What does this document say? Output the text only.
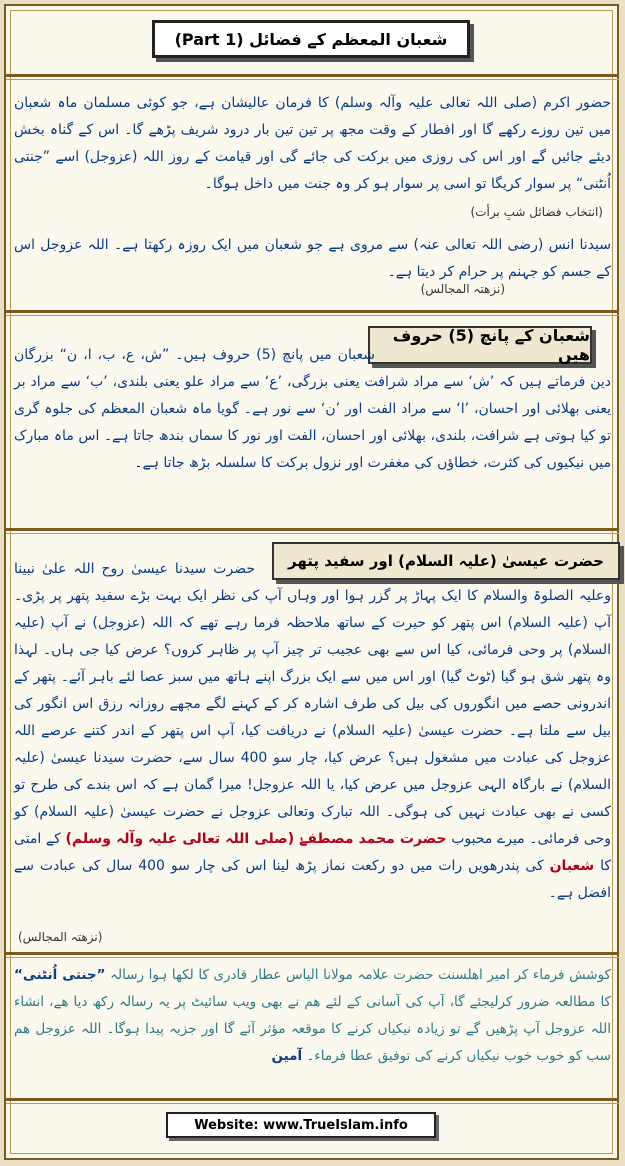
شعبان المعظم کے فضائل (Part 1)
حضور اکرم (صلی اللہ تعالی علیہ وآلہ وسلم) کا فرمان عالیشان ہے، جو کوئی مسلمان ماہ شعبان میں تین روزے رکھے گا اور افطار کے وقت مجھ پر تین تین بار درود شریف پڑھے گا۔ اس کے گناہ بخش دیئے جائیں گے اور اس کی روزی میں برکت کی جائے گی اور قیامت کے روز اللہ (عزوجل) اسے ”جنتی اُنٹنی“ پر سوار کریگا تو اسی پر سوار ہو کر وہ جنت میں داخل ہوگا۔
(انتخاب فضائل شبِ برأت)
سیدنا انس (رضی اللہ تعالی عنہ) سے مروی ہے جو شعبان میں ایک روزہ رکھتا ہے۔ اللہ عزوجل اس کے جسم کو جہنم پر حرام کر دیتا ہے۔
(نزھتہ المجالس)
شعبان کے پانچ (5) حروف ھیں
شعبان میں پانچ (5) حروف ہیں۔ ”ش، ع، ب، ا، ن“ بزرگان دین فرماتے ہیں کہ ’ش‘ سے مراد شرافت یعنی بزرگی، ’ع‘ سے مراد علو یعنی بلندی، ’ب‘ سے مراد بر یعنی بھلائی اور احسان، ’ا‘ سے مراد الفت اور ’ن‘ سے نور ہے۔ گویا ماہ شعبان المعظم کی جلوہ گری تو کیا ہوتی ہے شرافت، بلندی، بھلائی اور احسان، الفت اور نور کا سماں بندھ جاتا ہے۔ اس ماہ مبارک میں نیکیوں کی کثرت، خطاؤں کی مغفرت اور نزول برکت کا سلسلہ بڑھ جاتا ہے۔
حضرت عیسیٰ (علیہ السلام) اور سفید پتھر
حضرت سیدنا عیسیٰ روح اللہ علیٰ نبینا وعلیہ الصلوۃ والسلام کا ایک پہاڑ پر گزر ہوا اور وہاں آپ کی نظر ایک بہت بڑے سفید پتھر پر پڑی۔ آپ (علیہ السلام) اس پتھر کو حیرت کے ساتھ ملاحظہ فرما رہے تھے کہ اللہ (عزوجل) نے آپ (علیہ السلام) پر وحی فرمائی، کیا اس سے بھی عجیب تر چیز آپ پر ظاہر کروں؟ عرض کیا جی ہاں۔ لہذا وہ پتھر شق ہو گیا (ٹوٹ گیا) اور اس میں سے ایک بزرگ اپنے ہاتھ میں سبز عصا لئے باہر آئے۔ پتھر کے اندرونی حصے میں انگوروں کی بیل کی طرف اشارہ کر کے کہنے لگے مجھے روزانہ رزق اس انگور کی بیل سے ملتا ہے۔ حضرت عیسیٰ (علیہ السلام) نے دریافت کیا، آپ اس پتھر کے اندر کتنے عرصے اللہ عزوجل کی عبادت میں مشغول ہیں؟ عرض کیا، چار سو 400 سال سے، حضرت سیدنا عیسیٰ (علیہ السلام) نے بارگاہ الہی عزوجل میں عرض کیا، یا اللہ عزوجل! میرا گمان ہے کہ اس بندے کی طرح تو کسی نے بھی عبادت نہیں کی ہوگی۔ اللہ تبارک وتعالی عزوجل نے حضرت عیسیٰ (علیہ السلام) کو وحی فرمائی۔ میرے محبوب حضرت محمد مصطفےٰ (صلی اللہ تعالی علیہ وآلہ وسلم) کے امتی کا شعبان کی پندرھویں رات میں دو رکعت نماز پڑھ لینا اس کی چار سو 400 سال کی عبادت سے افضل ہے۔
(نزھتہ المجالس)
کوشش فرماء کر امیر اھلسنت حضرت علامہ مولانا الیاس عطار قادری کا لکھا ہوا رسالہ ”جنتی اُنٹنی“ کا مطالعہ ضرور کرلیجئے گا، آپ کی آسانی کے لئے ھم نے بھی ویب سائیٹ پر یہ رسالہ رکھ دیا ھے، انشاء اللہ عزوجل آپ پڑھیں گے تو زیادہ نیکیاں کرنے کا موقعہ مؤثر آئے گا اور جزبہ پیدا ہوگا۔ اللہ عزوجل ھم سب کو خوب خوب نیکیاں کرنے کی توفیق عطا فرماء۔ آمین
Website: www.TrueIslam.info
